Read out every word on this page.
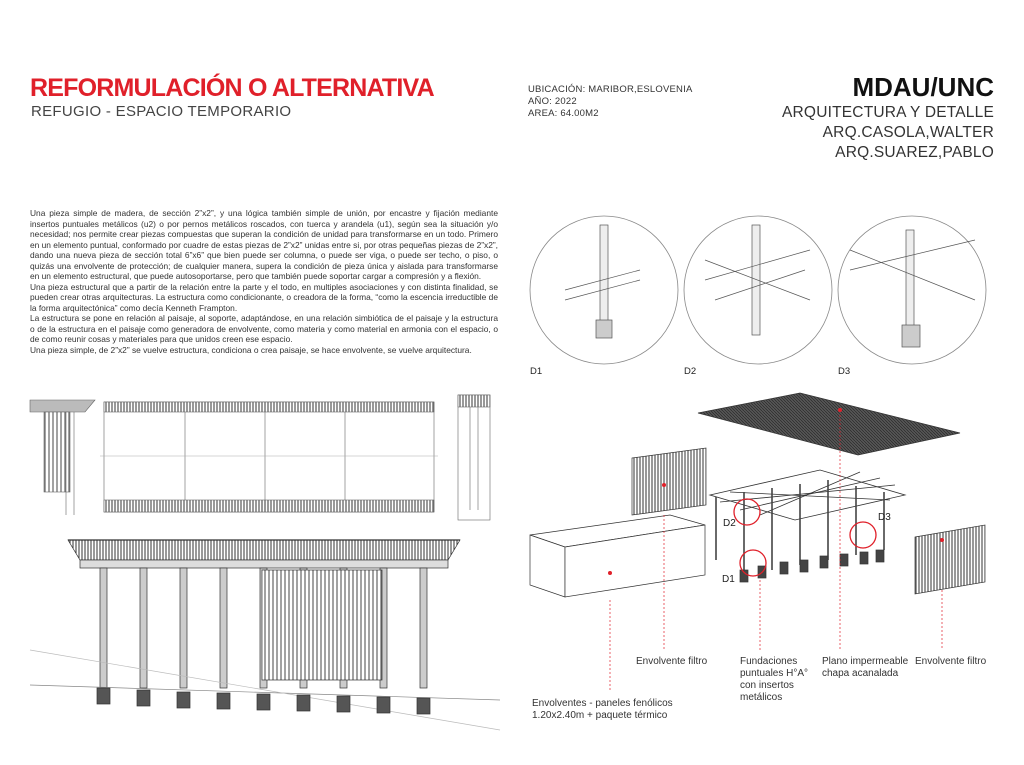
REFORMULACIÓN O ALTERNATIVA
REFUGIO - ESPACIO TEMPORARIO
UBICACIÓN: MARIBOR,ESLOVENIA
AÑO: 2022
AREA: 64.00M2
MDAU/UNC
ARQUITECTURA Y DETALLE
ARQ.CASOLA,WALTER
ARQ.SUAREZ,PABLO

Una pieza simple de madera, de sección 2”x2”, y una lógica también simple de unión, por encastre y fijación mediante insertos puntuales metálicos (u2) o por pernos metálicos roscados, con tuerca y arandela (u1), según sea la situación y/o necesidad; nos permite crear piezas compuestas que superan la condición de unidad para transformarse en un todo. Primero en un elemento puntual, conformado por cuadre de estas piezas de 2”x2” unidas entre si, por otras pequeñas piezas de 2”x2”, dando una nueva pieza de sección total 6”x6” que bien puede ser columna, o puede ser viga, o puede ser techo, o piso, o quizás una envolvente de protección; de cualquier manera, supera la condición de pieza única y aislada para transformarse en un elemento estructural, que puede autosoportarse, pero que también puede soportar cargar a compresión y a flexión.

Una pieza estructural que a partir de la relación entre la parte y el todo, en multiples asociaciones y con distinta finalidad, se pueden crear otras arquitecturas. La estructura como condicionante, o creadora de la forma, “como la escencia irreductible de la forma arquitectónica” como decía Kenneth Frampton.

La estructura se pone en relación al paisaje, al soporte, adaptándose, en una relación simbiótica de el paisaje y la estructura o de la estructura en el paisaje como generadora de envolvente, como materia y como material en armonia con el espacio, o de como reunir cosas y materiales para que unidos creen ese espacio.

Una pieza simple, de 2”x2” se vuelve estructura, condiciona o crea paisaje, se hace envolvente, se vuelve arquitectura.

D1	D2	D3
D2
D3
D1
Envolvente filtro	Fundaciones puntuales H°A° con insertos metálicos
Plano impermeable chapa acanalada
Envolvente filtro
Envolventes - paneles fenólicos 1.20x2.40m + paquete térmico
